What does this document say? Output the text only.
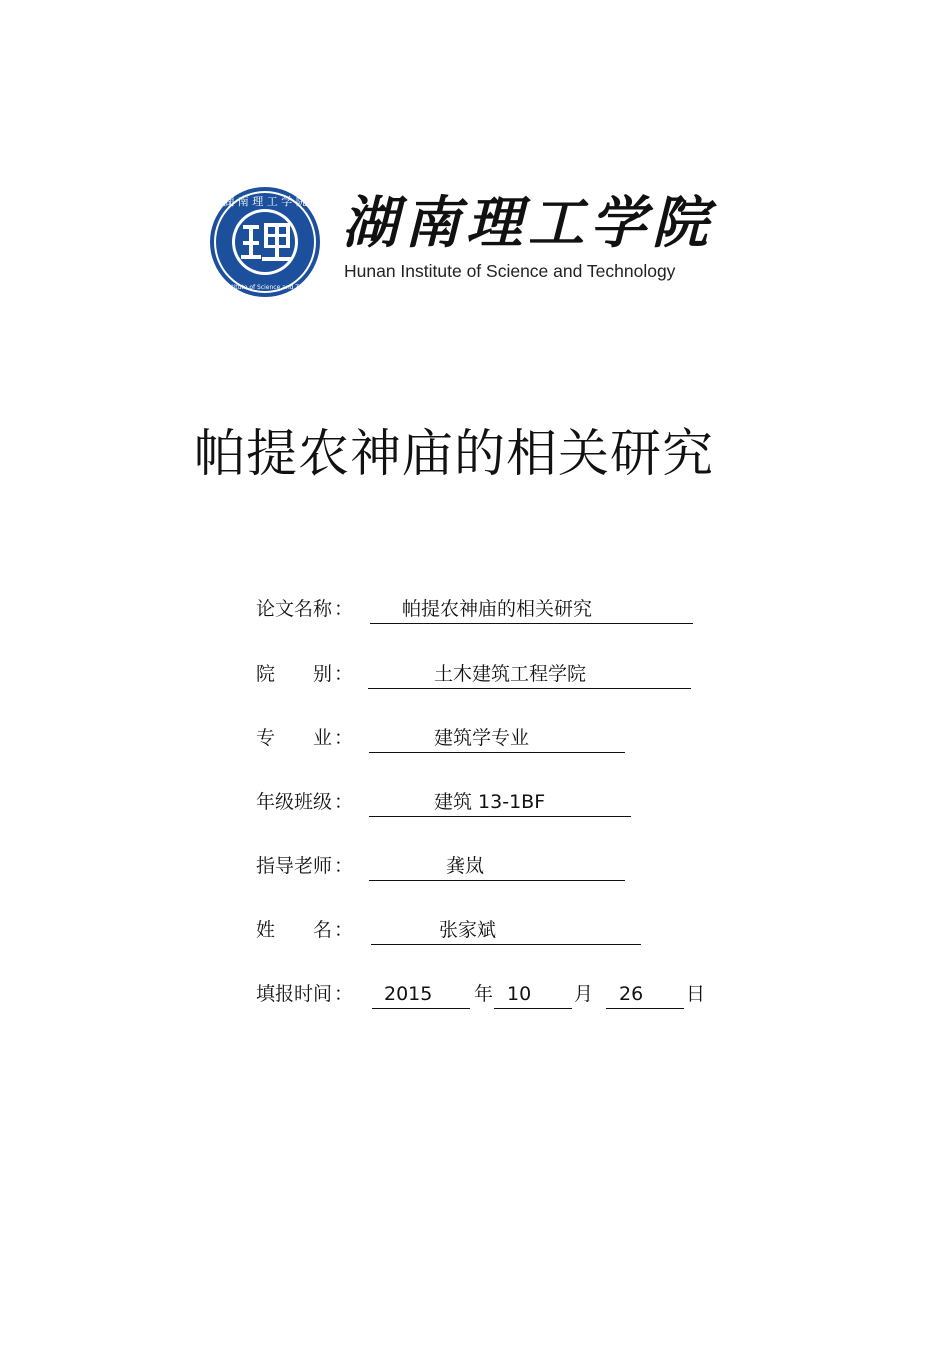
湖 南 理 工 学 院
Hunan Institute of Science and Technology
湖南理工学院
Hunan Institute of Science and Technology
帕提农神庙的相关研究
论文名称 ：	帕提农神庙的相关研究
院　　别 ：	土木建筑工程学院
专　　业 ：	建筑学专业
年级班级 ：	建筑 13-1BF
指导老师 ：	龚岚
姓　　名 ：	张家斌
填报时间 ： 2015 年 10 月 26 日
